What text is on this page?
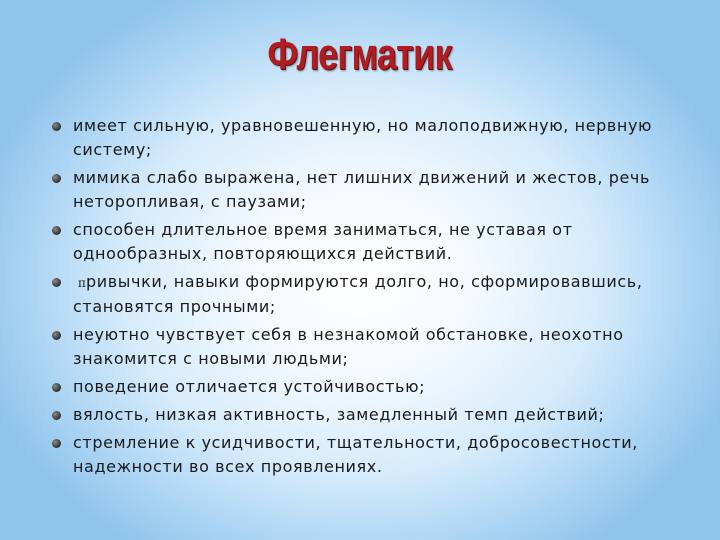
Флегматик
имеет сильную, уравновешенную, но малоподвижную, нервную систему;
мимика слабо выражена, нет лишних движений и жестов, речь неторопливая, с паузами;
способен длительное время заниматься, не уставая от однообразных, повторяющихся действий.
привычки, навыки формируются долго, но, сформировавшись, становятся прочными;
неуютно чувствует себя в незнакомой обстановке, неохотно знакомится с новыми людьми;
поведение отличается устойчивостью;
вялость, низкая активность, замедленный темп действий;
стремление к усидчивости, тщательности, добросовестности, надежности во всех проявлениях.
